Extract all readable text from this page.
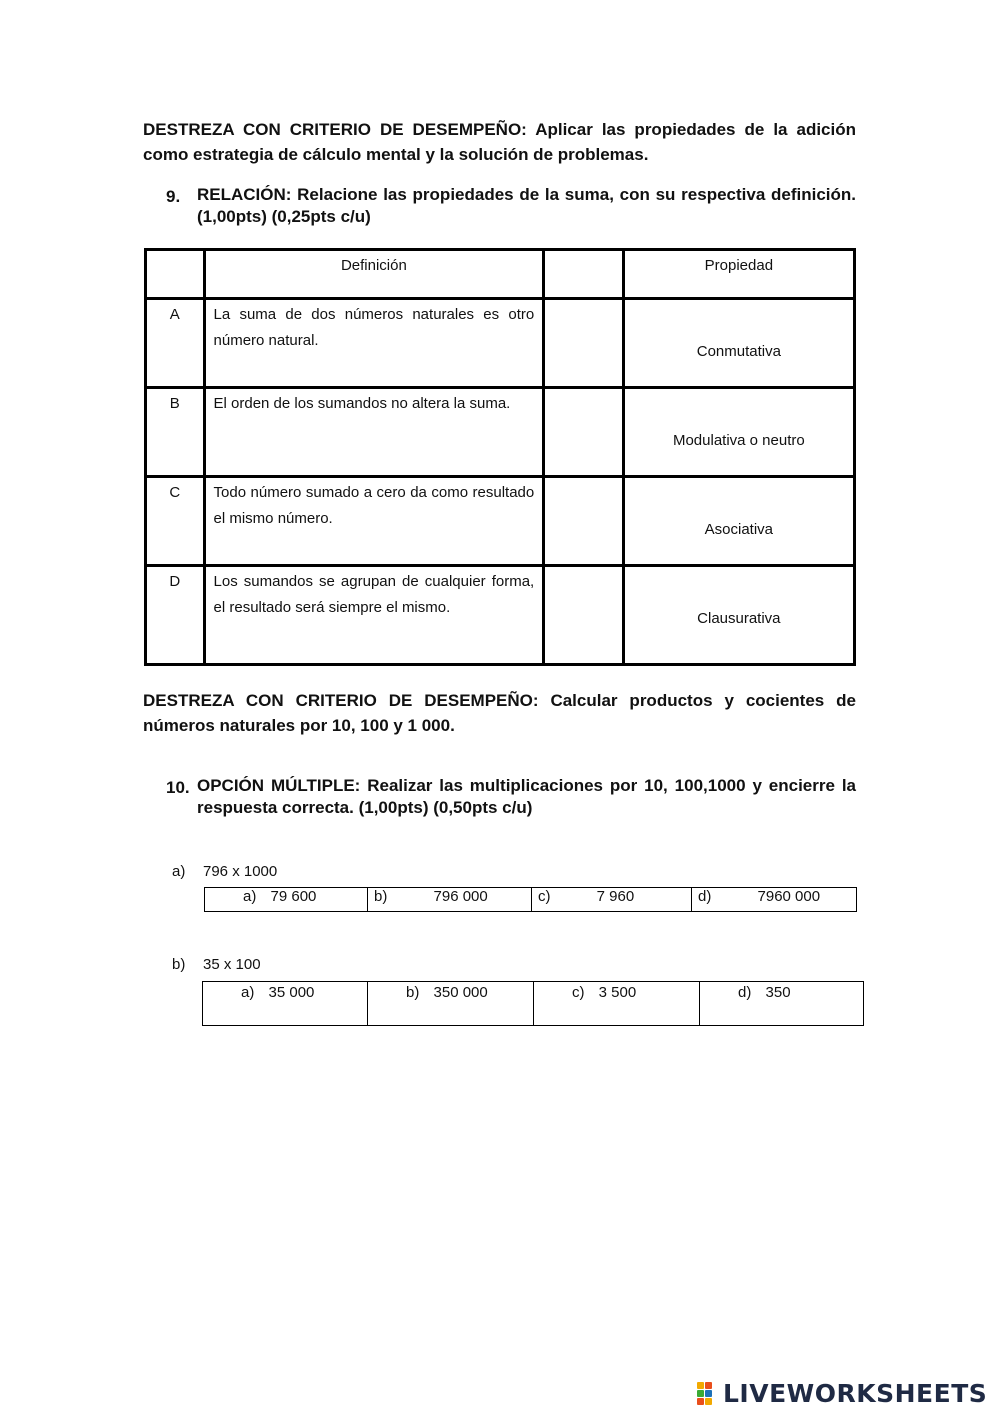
DESTREZA CON CRITERIO DE DESEMPEÑO: Aplicar las propiedades de la adición como estrategia de cálculo mental y la solución de problemas.
9. RELACIÓN: Relacione las propiedades de la suma, con su respectiva definición. (1,00pts) (0,25pts c/u)
	Definición		Propiedad

A	La suma de dos números naturales es otro número natural.		Conmutativa

B	El orden de los sumandos no altera la suma.		Modulativa o neutro

C	Todo número sumado a cero da como resultado el mismo número.		Asociativa

D	Los sumandos se agrupan de cualquier forma, el resultado será siempre el mismo.		Clausurativa
DESTREZA CON CRITERIO DE DESEMPEÑO: Calcular productos y cocientes de números naturales por 10, 100 y 1 000.
10. OPCIÓN MÚLTIPLE: Realizar las multiplicaciones por 10, 100,1000 y encierre la respuesta correcta. (1,00pts) (0,50pts c/u)
a) 796 x 1000
a) 79 600	b)	796 000	c)	7 960	d)	7960 000
b) 35 x 100
a) 35 000	b) 350 000	c) 3 500	d) 350
LIVEWORKSHEETS
